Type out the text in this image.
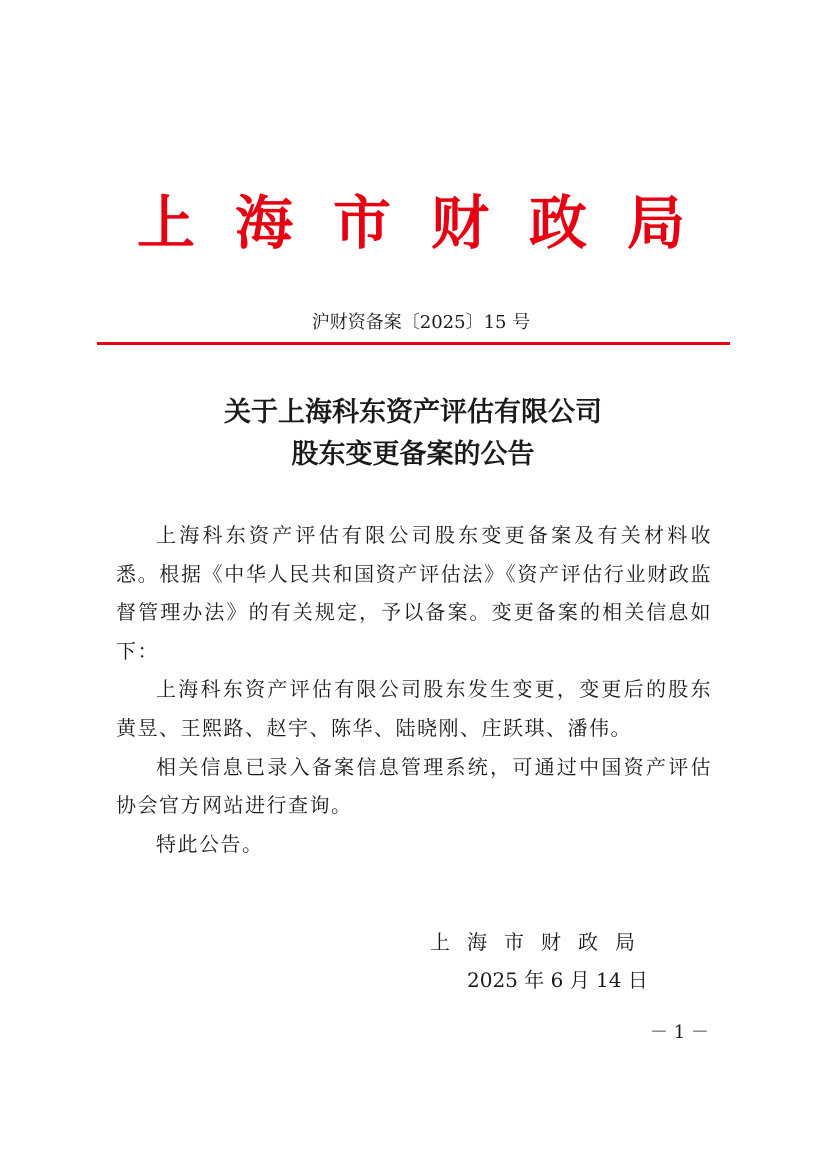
上海市财政局
沪财资备案〔2025〕15 号
关于上海科东资产评估有限公司
股东变更备案的公告

上海科东资产评估有限公司股东变更备案及有关材料收悉。根据《中华人民共和国资产评估法》《资产评估行业财政监督管理办法》的有关规定，予以备案。变更备案的相关信息如下：

上海科东资产评估有限公司股东发生变更，变更后的股东黄昱、王熙路、赵宇、陈华、陆晓刚、庄跃琪、潘伟。

相关信息已录入备案信息管理系统，可通过中国资产评估协会官方网站进行查询。

特此公告。

上海市财政局
2025 年 6 月 14 日
－ 1 －
